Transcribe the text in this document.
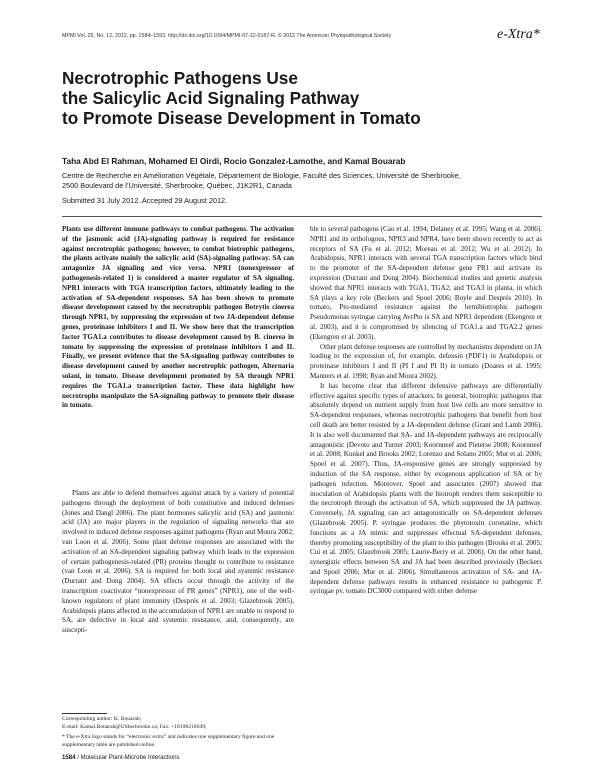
MPMI Vol. 25, No. 12, 2012, pp. 1584–1593. http://dx.doi.org/10.1094/MPMI-07-12-0187-R. © 2012 The American Phytopathological Society	e-Xtra*
Necrotrophic Pathogens Use
the Salicylic Acid Signaling Pathway
to Promote Disease Development in Tomato
Taha Abd El Rahman, Mohamed El Oirdi, Rocio Gonzalez-Lamothe, and Kamal Bouarab
Centre de Recherche en Amélioration Végétale, Département de Biologie, Faculté des Sciences, Université de Sherbrooke,
2500 Boulevard de l’Université, Sherbrooke, Québec, J1K2R1, Canada
Submitted 31 July 2012. Accepted 29 August 2012.

Plants use different immune pathways to combat pathogens. The activation of the jasmonic acid (JA)-signaling pathway is required for resistance against necrotrophic pathogens; however, to combat biotrophic pathogens, the plants activate mainly the salicylic acid (SA)-signaling pathway. SA can antagonize JA signaling and vice versa. NPR1 (nonexpressor of pathogenesis-related 1) is considered a master regulator of SA signaling. NPR1 interacts with TGA transcription factors, ultimately leading to the activation of SA-dependent responses. SA has been shown to promote disease development caused by the necrotrophic pathogen Botrytis cinerea through NPR1, by suppressing the expression of two JA-dependent defense genes, proteinase inhibitors I and II. We show here that the transcription factor TGA1.a contributes to disease development caused by B. cinerea in tomato by suppressing the expression of proteinase inhibitors I and II. Finally, we present evidence that the SA-signaling pathway contributes to disease development caused by another necrotrophic pathogen, Alternaria solani, in tomato. Disease development promoted by SA through NPR1 requires the TGA1.a transcription factor. These data highlight how necrotrophs manipulate the SA-signaling pathway to promote their disease in tomato.

Plants are able to defend themselves against attack by a variety of potential pathogens through the deployment of both constitutive and induced defenses (Jones and Dangl 2006). The plant hormones salicylic acid (SA) and jasmonic acid (JA) are major players in the regulation of signaling networks that are involved in induced defense responses against pathogens (Ryan and Moura 2002; van Loon et al. 2006). Some plant defense responses are associated with the activation of an SA-dependent signaling pathway which leads to the expression of certain pathogenesis-related (PR) proteins thought to contribute to resistance (van Loon et al. 2006). SA is required for both local and systemic resistance (Durrant and Dong 2004). SA effects occur through the activity of the transcription coactivator “nonexpressor of PR genes” (NPR1), one of the well-known regulators of plant immunity (Després et al. 2003; Glazebrook 2005). Arabidopsis plants affected in the accumulation of NPR1 are unable to respond to SA, are defective in local and systemic resistance, and, consequently, are suscepti-

ble to several pathogens (Cao et al. 1994; Delaney et al. 1995; Wang et al. 2006). NPR1 and its orthologous, NPR3 and NPR4, have been shown recently to act as receptors of SA (Fu et al. 2012; Moreau et al. 2012; Wu et al. 2012). In Arabidopsis, NPR1 interacts with several TGA transcription factors which bind to the promoter of the SA-dependent defense gene PR1 and activate its expression (Durrant and Dong 2004). Biochemical studies and genetic analysis showed that NPR1 interacts with TGA1, TGA2, and TGA3 in planta, in which SA plays a key role (Beckers and Spoel 2006; Boyle and Després 2010). In tomato, Pto-mediated resistance against the hemibiotrophic pathogen Pseudomonas syringae carrying AvrPto is SA and NPR1 dependent (Ekengren et al. 2003), and it is compromised by silencing of TGA1.a and TGA2.2 genes (Ekengren et al. 2003).

Other plant defense responses are controlled by mechanisms dependent on JA leading to the expression of, for example, defensin (PDF1) in Arabidopsis or proteinase inhibitors I and II (PI I and PI II) in tomato (Doares et al. 1995; Manners et al. 1998; Ryan and Moura 2002).

It has become clear that different defensive pathways are differentially effective against specific types of attackers. In general, biotrophic pathogens that absolutely depend on nutrient supply from host live cells are more sensitive to SA-dependent responses, whereas necrotrophic pathogens that benefit from host cell death are better resisted by a JA-dependent defense (Grant and Lamb 2006). It is also well documented that SA- and JA-dependent pathways are reciprocally antagonistic (Devoto and Turner 2003; Koornneef and Pieterse 2008; Koornneef et al. 2008; Kunkel and Brooks 2002; Lorenzo and Solano 2005; Mur et al. 2006; Spoel et al. 2007). Thus, JA-responsive genes are strongly suppressed by induction of the SA response, either by exogenous application of SA or by pathogen infection. Moreover, Spoel and associates (2007) showed that inoculation of Arabidopsis plants with the biotroph renders them susceptible to the necrotroph through the activation of SA, which suppressed the JA pathway. Conversely, JA signaling can act antagonistically on SA-dependent defenses (Glazebrook 2005). P. syringae produces the phytotoxin coronatine, which functions as a JA mimic and suppresses effectual SA-dependent defenses, thereby promoting susceptibility of the plant to this pathogen (Brooks et al. 2005; Cui et al. 2005; Glazebrook 2005; Laurie-Berry et al. 2006). On the other hand, synergistic effects between SA and JA had been described previously (Beckers and Spoel 2006; Mur et al. 2006). Simultaneous activation of SA- and JA-dependent defense pathways results in enhanced resistance to pathogenic P. syringae pv. tomato DC3000 compared with either defense

Corresponding author: K. Bouarab;
E-mail: Kamal.Bouarab@USherbrooke.ca; Fax: +18198218049;

* The e-Xtra logo stands for “electronic extra” and indicates one supplementary figure and one supplementary table are published online.

1584 / Molecular Plant-Microbe Interactions
